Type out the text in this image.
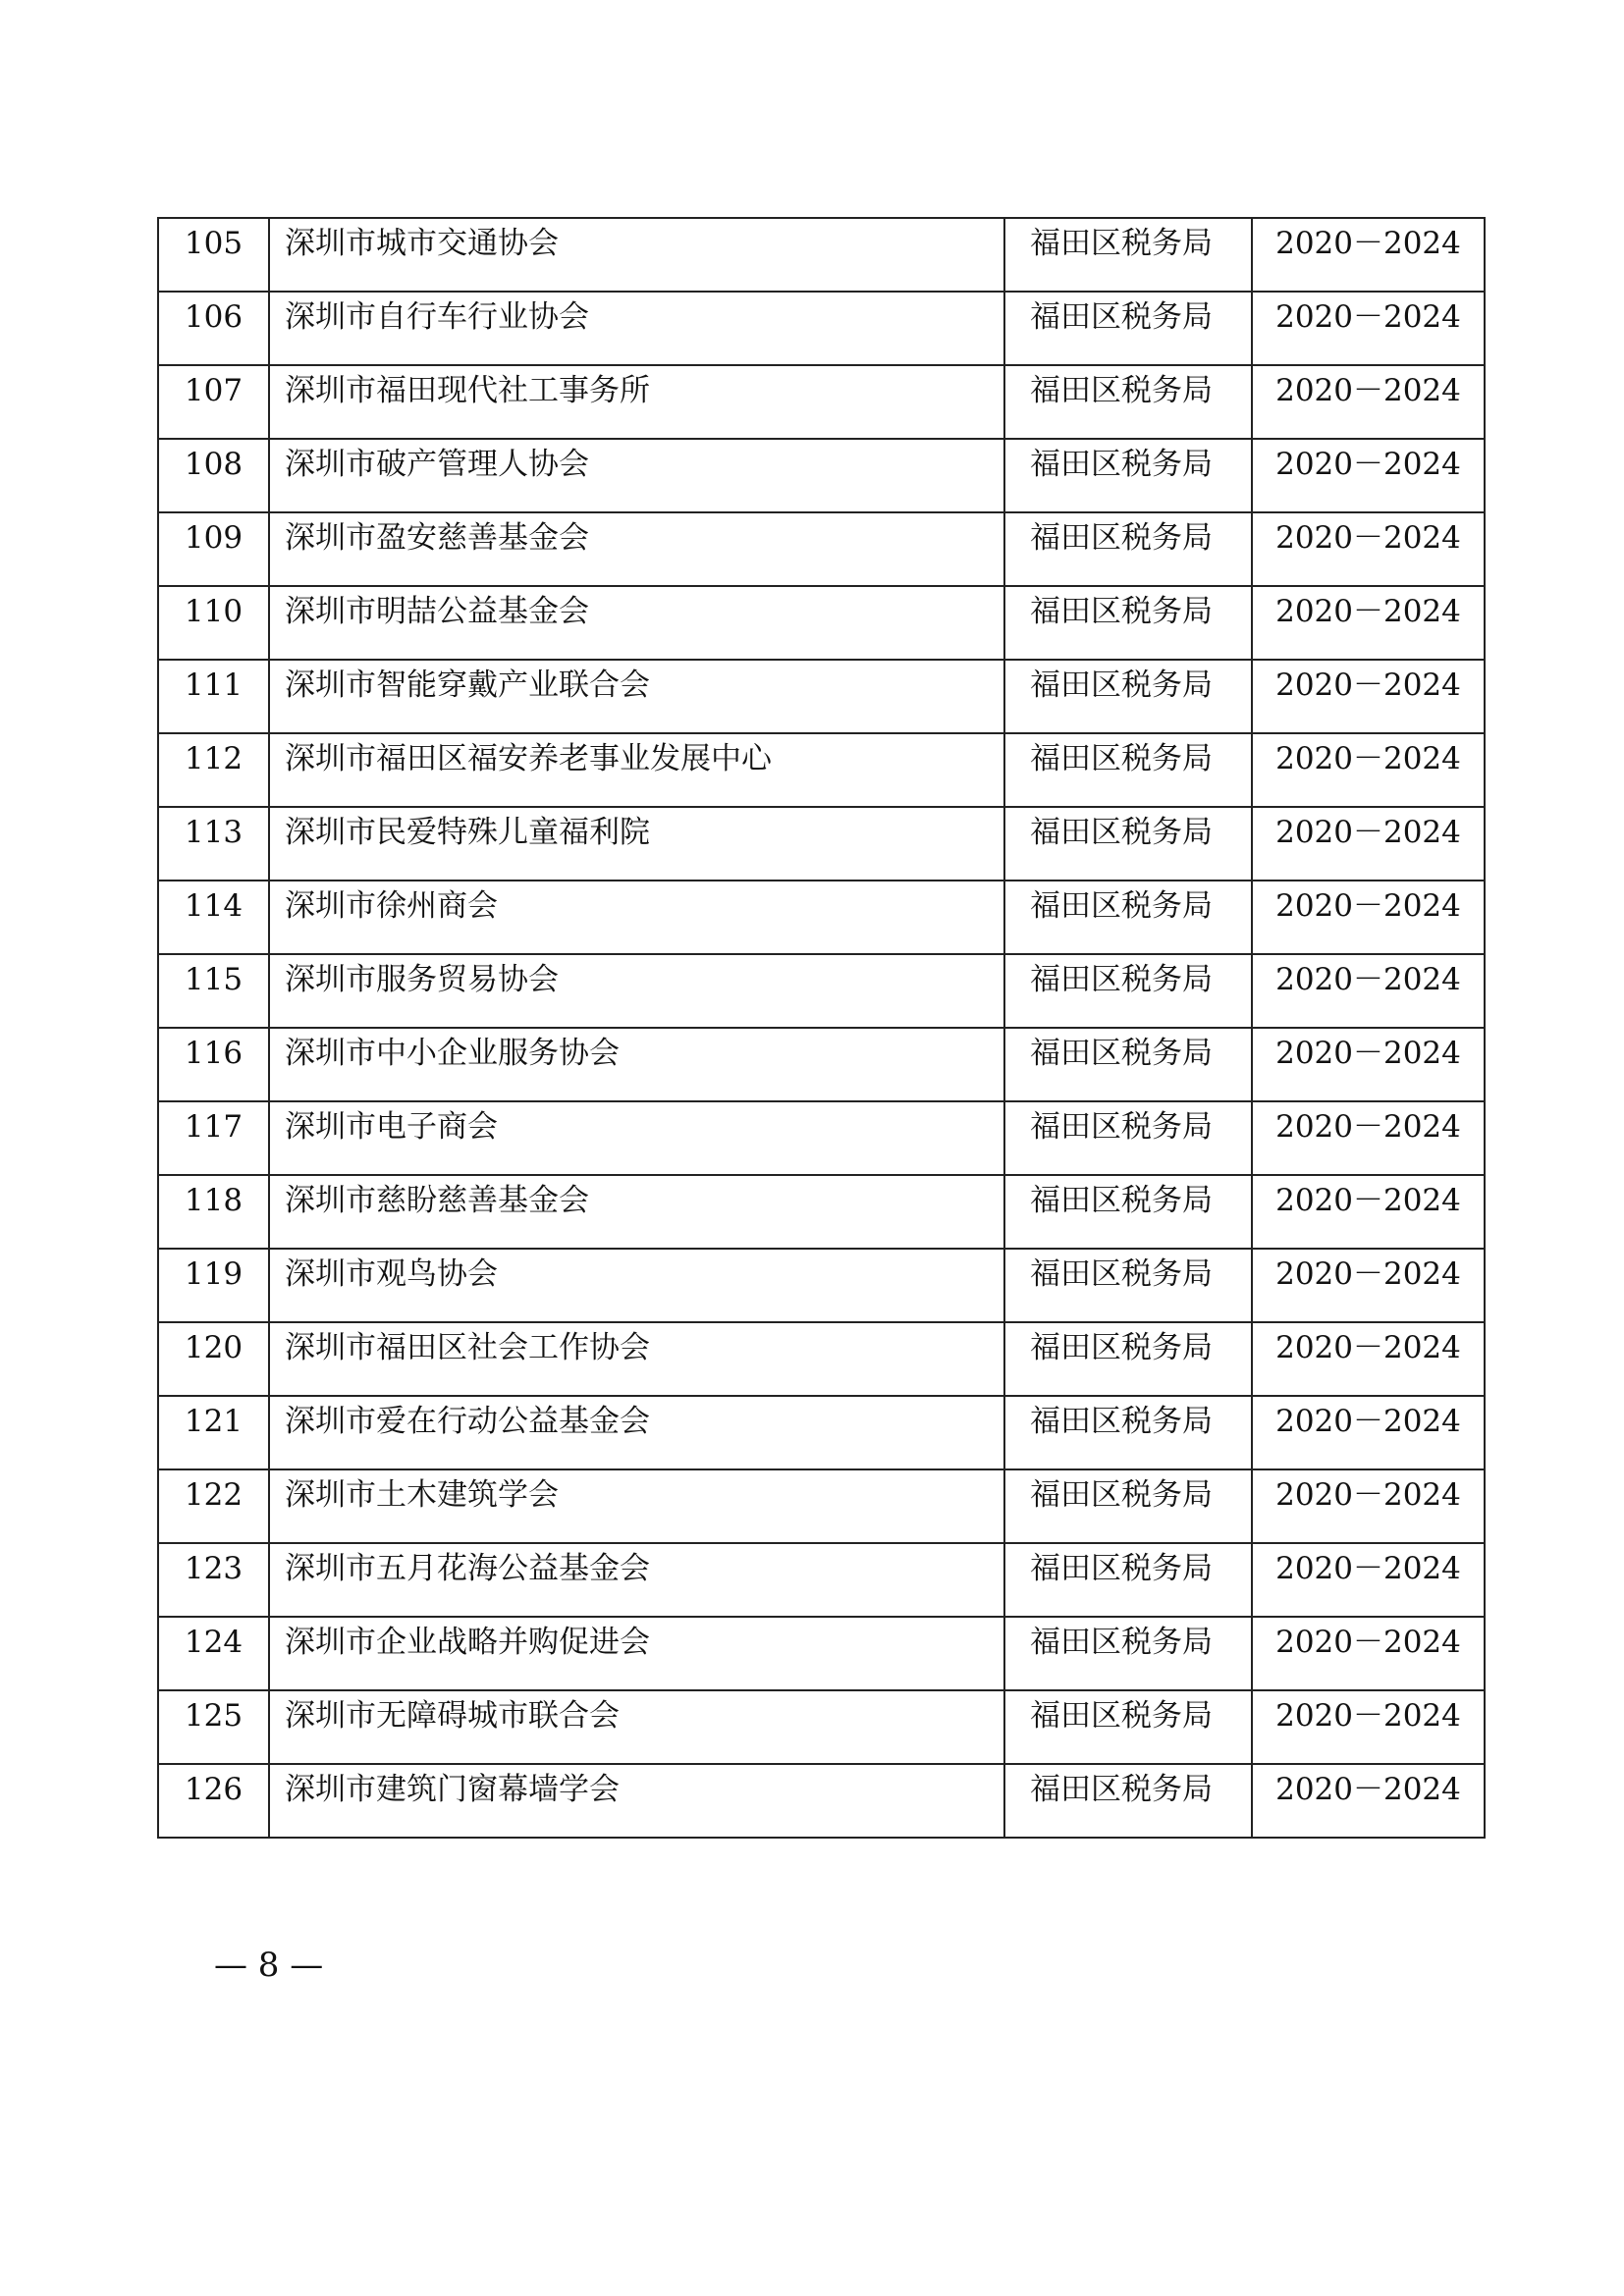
105	深圳市城市交通协会	福田区税务局	2020－2024
106	深圳市自行车行业协会	福田区税务局	2020－2024
107	深圳市福田现代社工事务所	福田区税务局	2020－2024
108	深圳市破产管理人协会	福田区税务局	2020－2024
109	深圳市盈安慈善基金会	福田区税务局	2020－2024
110	深圳市明喆公益基金会	福田区税务局	2020－2024
111	深圳市智能穿戴产业联合会	福田区税务局	2020－2024
112	深圳市福田区福安养老事业发展中心	福田区税务局	2020－2024
113	深圳市民爱特殊儿童福利院	福田区税务局	2020－2024
114	深圳市徐州商会	福田区税务局	2020－2024
115	深圳市服务贸易协会	福田区税务局	2020－2024
116	深圳市中小企业服务协会	福田区税务局	2020－2024
117	深圳市电子商会	福田区税务局	2020－2024
118	深圳市慈盼慈善基金会	福田区税务局	2020－2024
119	深圳市观鸟协会	福田区税务局	2020－2024
120	深圳市福田区社会工作协会	福田区税务局	2020－2024
121	深圳市爱在行动公益基金会	福田区税务局	2020－2024
122	深圳市土木建筑学会	福田区税务局	2020－2024
123	深圳市五月花海公益基金会	福田区税务局	2020－2024
124	深圳市企业战略并购促进会	福田区税务局	2020－2024
125	深圳市无障碍城市联合会	福田区税务局	2020－2024
126	深圳市建筑门窗幕墙学会	福田区税务局	2020－2024
— 8 —
